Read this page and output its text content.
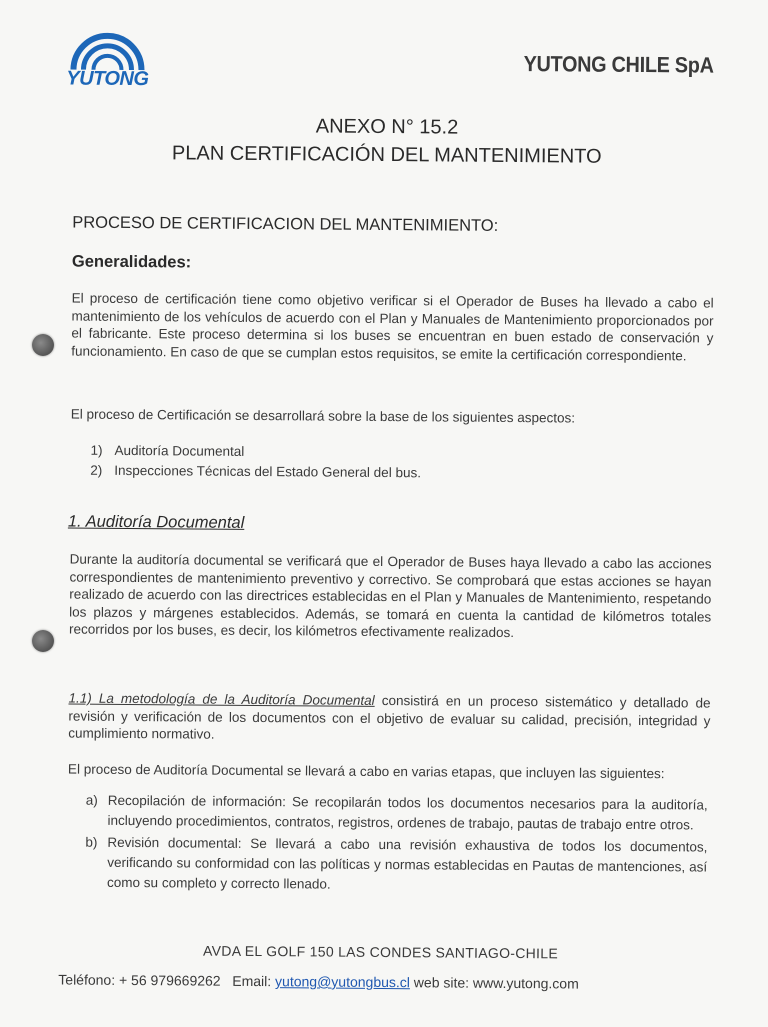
YUTONG
YUTONG CHILE SpA
ANEXO N° 15.2
PLAN CERTIFICACIÓN DEL MANTENIMIENTO
PROCESO DE CERTIFICACION DEL MANTENIMIENTO:
Generalidades:
El proceso de certificación tiene como objetivo verificar si el Operador de Buses ha llevado a cabo el mantenimiento de los vehículos de acuerdo con el Plan y Manuales de Mantenimiento proporcionados por el fabricante. Este proceso determina si los buses se encuentran en buen estado de conservación y funcionamiento. En caso de que se cumplan estos requisitos, se emite la certificación correspondiente.
El proceso de Certificación se desarrollará sobre la base de los siguientes aspectos:
1) Auditoría Documental
2) Inspecciones Técnicas del Estado General del bus.
1. Auditoría Documental
Durante la auditoría documental se verificará que el Operador de Buses haya llevado a cabo las acciones correspondientes de mantenimiento preventivo y correctivo. Se comprobará que estas acciones se hayan realizado de acuerdo con las directrices establecidas en el Plan y Manuales de Mantenimiento, respetando los plazos y márgenes establecidos. Además, se tomará en cuenta la cantidad de kilómetros totales recorridos por los buses, es decir, los kilómetros efectivamente realizados.
1.1) La metodología de la Auditoría Documental consistirá en un proceso sistemático y detallado de revisión y verificación de los documentos con el objetivo de evaluar su calidad, precisión, integridad y cumplimiento normativo.
El proceso de Auditoría Documental se llevará a cabo en varias etapas, que incluyen las siguientes:
a) Recopilación de información: Se recopilarán todos los documentos necesarios para la auditoría, incluyendo procedimientos, contratos, registros, ordenes de trabajo, pautas de trabajo entre otros.
b) Revisión documental: Se llevará a cabo una revisión exhaustiva de todos los documentos, verificando su conformidad con las políticas y normas establecidas en Pautas de mantenciones, así como su completo y correcto llenado.
AVDA EL GOLF 150 LAS CONDES SANTIAGO-CHILE
Teléfono: + 56 979669262 Email: yutong@yutongbus.cl web site: www.yutong.com
